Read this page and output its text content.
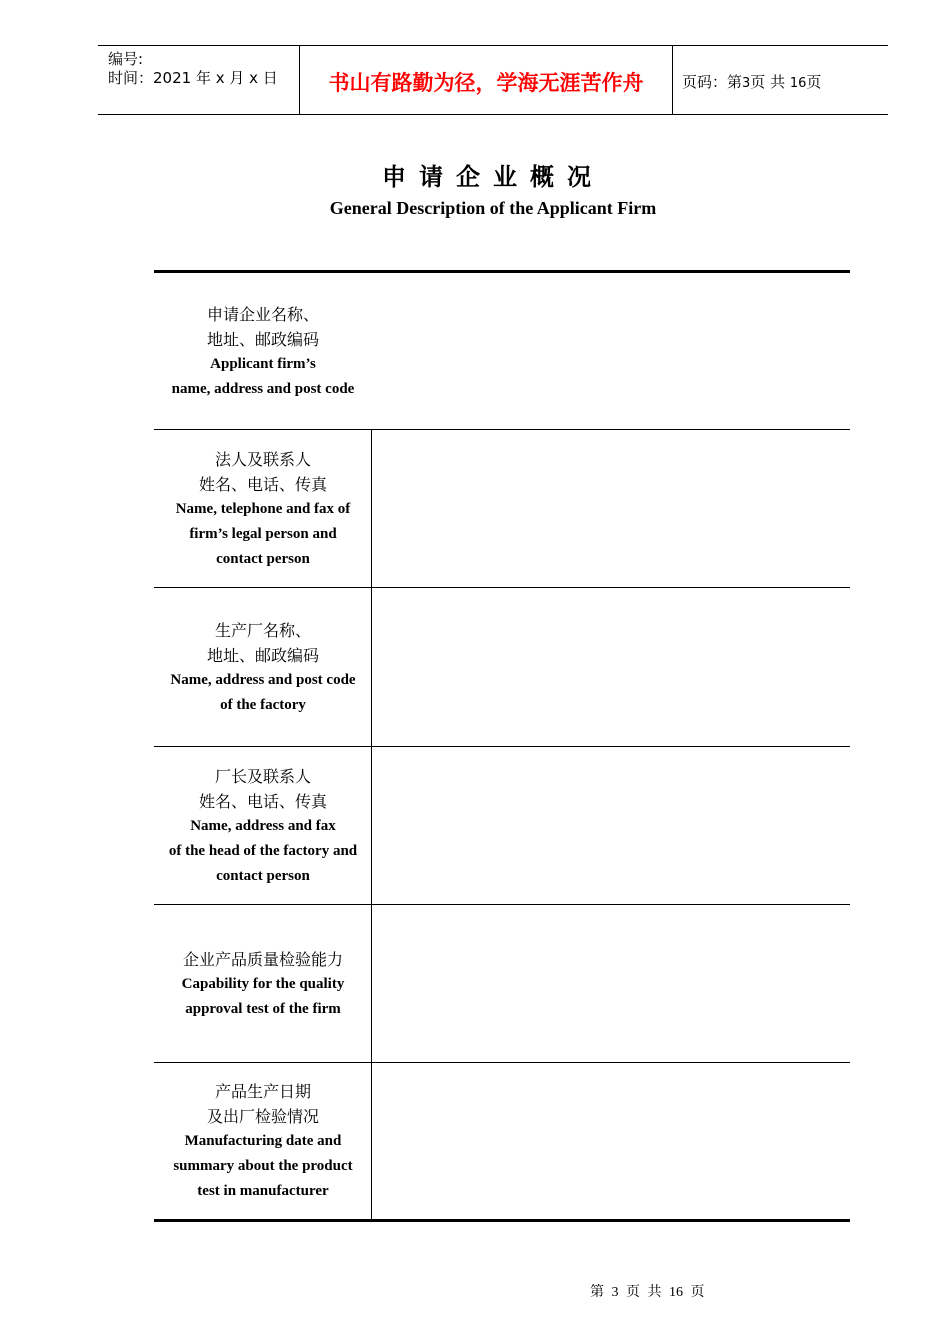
编号:
时间：2021 年 x 月 x 日	书山有路勤为径，学海无涯苦作舟	页码：第3页 共 16页
申请企业概况
General Description of the Applicant Firm
申请企业名称、
地址、邮政编码
Applicant firm’s
name, address and post code
法人及联系人
姓名、电话、传真
Name, telephone and fax of
firm’s legal person and
contact person
生产厂名称、
地址、邮政编码
Name, address and post code
of the factory
厂长及联系人
姓名、电话、传真
Name, address and fax
of the head of the factory and
contact person
企业产品质量检验能力
Capability for the quality
approval test of the firm
产品生产日期
及出厂检验情况
Manufacturing date and
summary about the product
test in manufacturer
第 3 页 共 16 页
